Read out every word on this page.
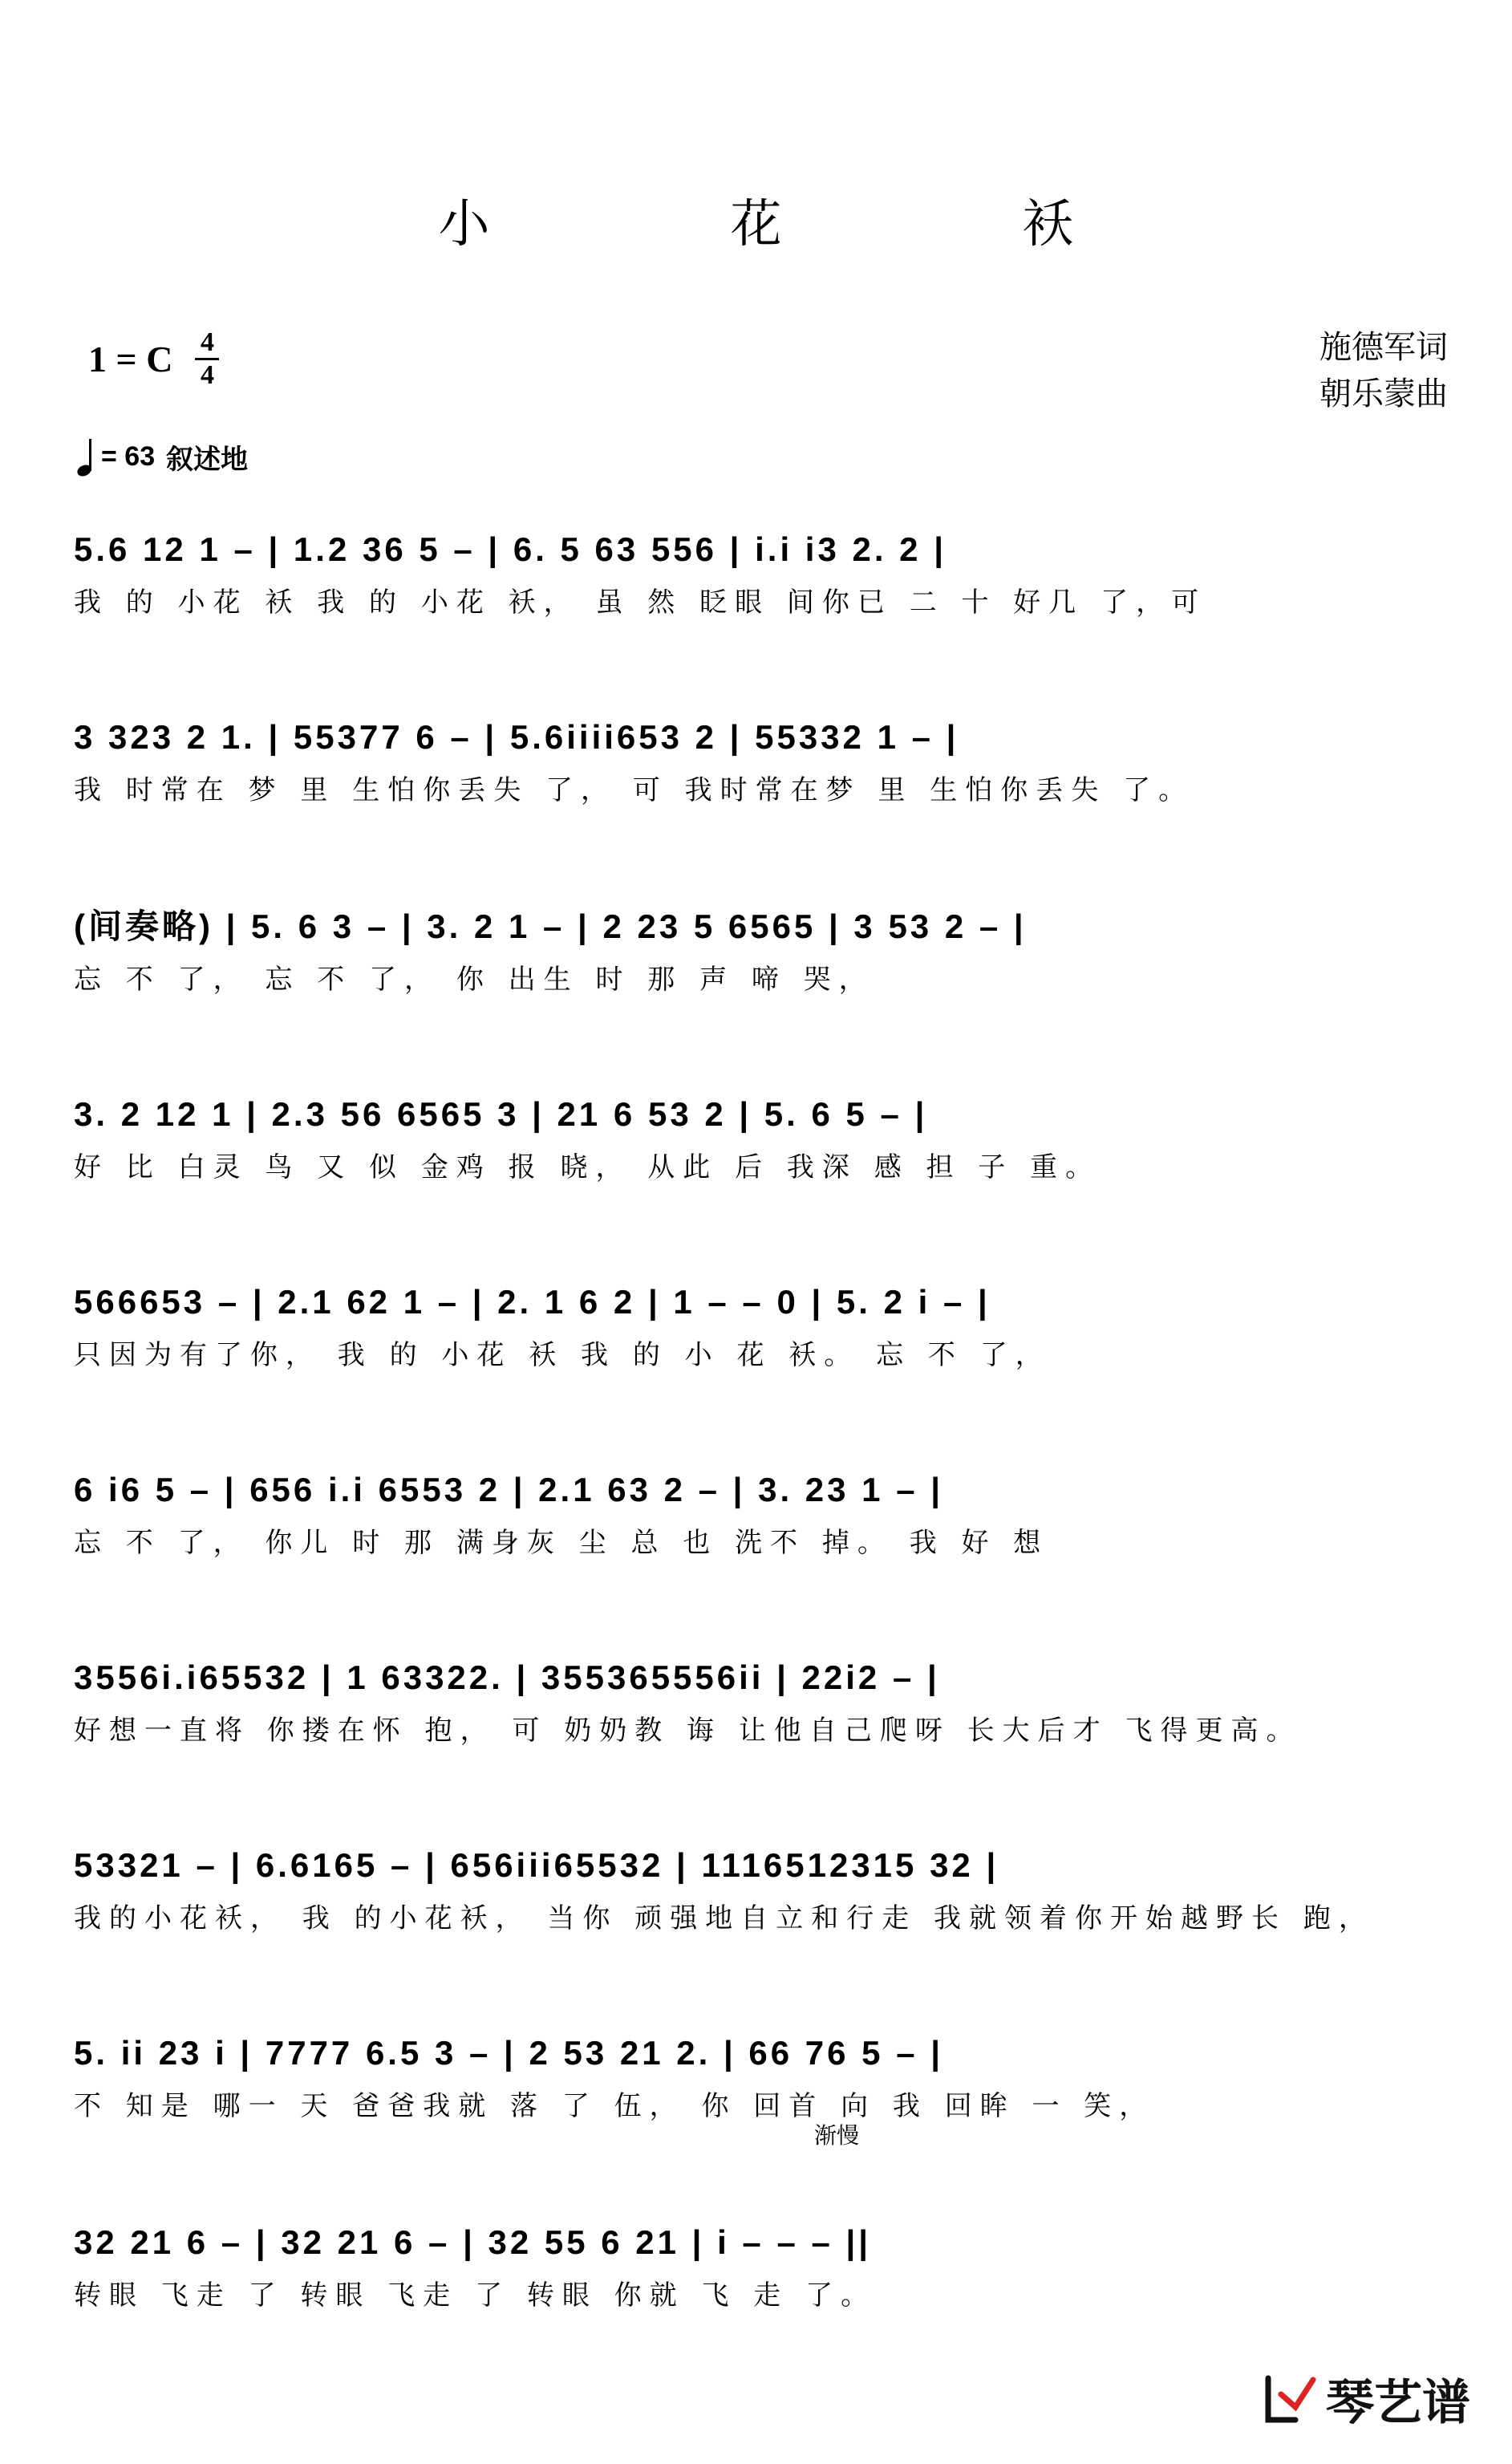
小　花　袄
1 = C 4
4
施德军词
朝乐蒙曲
= 63 叙述地
5.6 12 1 – | 1.2 36 5 – | 6. 5 63 556 | i.i i3 2. 2 |
我 的 小花 袄 我 的 小花 袄， 虽 然 眨眼 间你已 二 十 好几 了，可
3 323 2 1. | 55377 6 – | 5.6iiii653 2 | 55332 1 – |
我 时常在 梦 里 生怕你丢失 了， 可 我时常在梦 里 生怕你丢失 了。
(间奏略) | 5. 6 3 – | 3. 2 1 – | 2 23 5 6565 | 3 53 2 – |
忘 不 了， 忘 不 了， 你 出生 时 那 声 啼 哭，
3. 2 12 1 | 2.3 56 6565 3 | 21 6 53 2 | 5. 6 5 – |
好 比 白灵 鸟 又 似 金鸡 报 晓， 从此 后 我深 感 担 子 重。
566653 – | 2.1 62 1 – | 2. 1 6 2 | 1 – – 0 | 5. 2 i – |
只因为有了你， 我 的 小花 袄 我 的 小 花 袄。 忘 不 了，
6 i6 5 – | 656 i.i 6553 2 | 2.1 63 2 – | 3. 23 1 – |
忘 不 了， 你儿 时 那 满身灰 尘 总 也 洗不 掉。 我 好 想
3556i.i65532 | 1 63322. | 355365556ii | 22i2 – |
好想一直将 你搂在怀 抱， 可 奶奶教 诲 让他自己爬呀 长大后才 飞得更高。
53321 – | 6.6165 – | 656iii65532 | 1116512315 32 |
我的小花袄， 我 的小花袄， 当你 顽强地自立和行走 我就领着你开始越野长 跑，
5. ii 23 i | 7777 6.5 3 – | 2 53 21 2. | 66 76 5 – |
不 知是 哪一 天 爸爸我就 落 了 伍， 你 回首 向 我 回眸 一 笑，
渐慢
32 21 6 – | 32 21 6 – | 32 55 6 21 | i – – – ||
转眼 飞走 了 转眼 飞走 了 转眼 你就 飞 走 了。
琴艺谱
